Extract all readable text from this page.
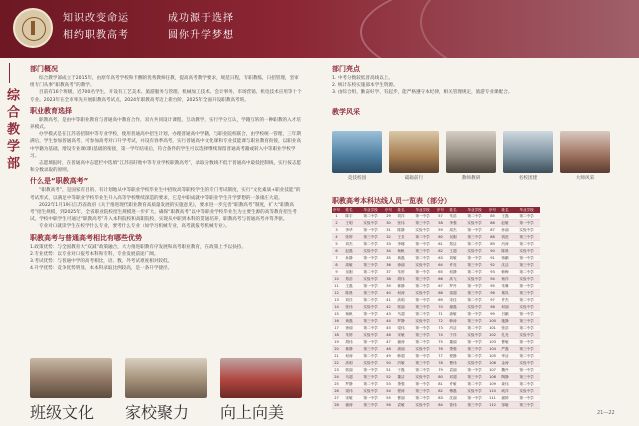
知识改变命运
相约职教高考
成功源于选择
圆你升学梦想
综合教学部
部门概况

综合教学部成立于2015年，由原年高考学校和卡酬的优秀教师任教，提高高考教学要求，规范日程，专职教练，日招管理，坚审组专门从事“职教高考”的教学。

目前有16个班级，近700名学生，开设有工艺美术、旅游服务与管理、机械加工技术、会计事务、市场营销、机电技术应用等十个专业。2023年在全市率先开展职教高考试点，2024年职教高考迈上新台阶，2025年全面开设职教高考班。

职业教育选择

职教高考，是由中等职业教育与普通高中教育合作，双方共同设计课程，互动教学，实行学分互认，学籍互转的一种职教的入才培养模式。

办学模式是在江苏省招制中等专业学校，使用普通高中招生计划，办理普通高中学籍，与职业院校联合，由学校统一管理，三年期满后，学生参加普通高考，可参加高考对口升学考试，并设有春季高考，实行普通高中文化课和专业技能课与职业教育衔接，以职业高中学籍为基础，增设专业课(课)基础的衔接，第一学年结束后，符合条件的学生可以选择继续保留普通高考籍或转入中等职业学校学习。

志愿填报时，在普通高中志愿栏中选填“江苏省盱眙中等专业学校职教高考”，录取分数线不低于普通高中最低控制线，实行按志愿和分数录取的原则。

什么是“职教高考”

“职教高考”，是国家有目的、有计划地从中等职业学校毕业生中招收高等职校学生的专门考试制度，实行“文化素质+职业技能”的考试形式，以满足中等职业学校毕业生升入高等学校继续深造的要求，它是中职成就中等职业学生升学梦想的一条康庄大道。

2022年1月19日江苏省政府《关于推进现代职业教育高质量发展的实施意见》，要求进一步完善“职教高考”制度，扩大“职教高考”招生规模，到2025年，全省职业院校招生规模进一步扩大，确保“职教高考”以中等职业学校毕业生为主要生源的高等教育招生考试。学校中职学生可通过“职教高考”升入本科院校和高职院校，实现从中职到本科的贯通培养，职教高考与普通高考并驾齐驱。

专业对口就读学生在校学什么专业，要考什么专业（如学习机械专业，高考就报考机械专业）。

职教高考与普通高考相比有哪些优势

1.政策优势：与全国教育大“双减”政策融合，大力推进职教有序发展和高考职业教育，在政策上予以扶持。

2.专业优势：以专业对口报考本科和专科，专业发展前途广阔。

3.考试优势：与普通中学的高考相比，语、数、外考试难度相对较低。

4.升学优势：竞争优势明显，本本科录取比例较高，是一条升学捷径。

班级文化	家校聚力	向上向美
部门亮点

1. 中考分数较低普高线以上。

2. 统计东校实施部本学生资源。

3. 由综合组、勤奋好学、有起步，能严格遵守本纪律，相关管理规定，旅游专业课配合。

教学风采
竞技校园	砥砺前行	教师教研	名校团建	大师风采
职教高考本科达线人员一览表（部分）
序号	姓名	毕业学校	序号	姓名	毕业学校	序号	姓名	毕业学校	序号	姓名	毕业学校
1	陈宇	第二中学	29	刘洋	第一中学	57	朱浩	第二中学	85	王磊	第二中学
2	王明	实验中学	30	张伟	第三中学	58	李强	实验中学	86	赵敏	第一中学
3	李华	第一中学	31	陈静	实验中学	59	周杰	第一中学	87	孙丽	实验中学
4	张婷	第三中学	32	王芳	第二中学	60	吴刚	第三中学	88	钱进	第三中学
5	刘杰	第二中学	33	李娜	第一中学	61	郑洁	第二中学	89	冯涛	第二中学
6	赵磊	实验中学	34	杨帆	第三中学	62	王超	实验中学	90	陈晨	实验中学
7	孙静	第一中学	35	黄磊	第二中学	63	刘敏	第一中学	91	蒋鹏	第一中学
8	周敏	第三中学	36	徐丽	实验中学	64	许亮	第三中学	92	沈洁	第三中学
9	吴刚	第二中学	37	朱婷	第一中学	65	何静	第二中学	93	韩梅	第二中学
10	郑浩	实验中学	38	胡伟	第三中学	66	高飞	实验中学	94	杨洋	实验中学
11	王磊	第一中学	39	林静	第二中学	67	罗丹	第一中学	95	朱琳	第一中学
12	陈晨	第三中学	40	何涛	实验中学	68	梁超	第三中学	96	秦岚	第三中学
13	刘洋	第二中学	41	高明	第一中学	69	宋佳	第二中学	97	许杰	第二中学
14	张伟	实验中学	42	郭丽	第三中学	70	谢磊	实验中学	98	何丽	实验中学
15	杨帆	第一中学	43	马超	第二中学	71	唐敏	第一中学	99	吕鹏	第一中学
16	黄磊	第三中学	44	罗静	实验中学	72	韩涛	第三中学	100	施静	第三中学
17	徐丽	第二中学	45	梁伟	第一中学	73	冯洁	第二中学	101	张浩	第二中学
18	朱婷	实验中学	46	宋敏	第三中学	74	于洋	实验中学	102	孔亮	实验中学
19	胡伟	第一中学	47	谢涛	第二中学	75	董丽	第一中学	103	曹敏	第一中学
20	林静	第三中学	48	唐丽	实验中学	76	萧强	第三中学	104	严磊	第三中学
21	何涛	第二中学	49	韩超	第一中学	77	程静	第二中学	105	华洁	第二中学
22	高明	实验中学	50	冯敏	第三中学	78	曹伟	实验中学	106	金涛	实验中学
23	郭丽	第一中学	51	于磊	第二中学	79	袁丽	第一中学	107	魏丹	第一中学
24	马超	第三中学	52	董洁	实验中学	80	邓超	第三中学	108	陶静	第三中学
25	罗静	第二中学	53	萧强	第一中学	81	许敏	第二中学	109	姜伟	第二中学
26	梁伟	实验中学	54	程涛	第三中学	82	傅磊	实验中学	110	戚洋	实验中学
27	宋敏	第一中学	55	曹丽	第二中学	83	沈丽	第一中学	111	谢婷	第一中学
28	谢涛	第三中学	56	袁敏	实验中学	84	曾伟	第三中学	112	邹敏	第三中学
21—22
